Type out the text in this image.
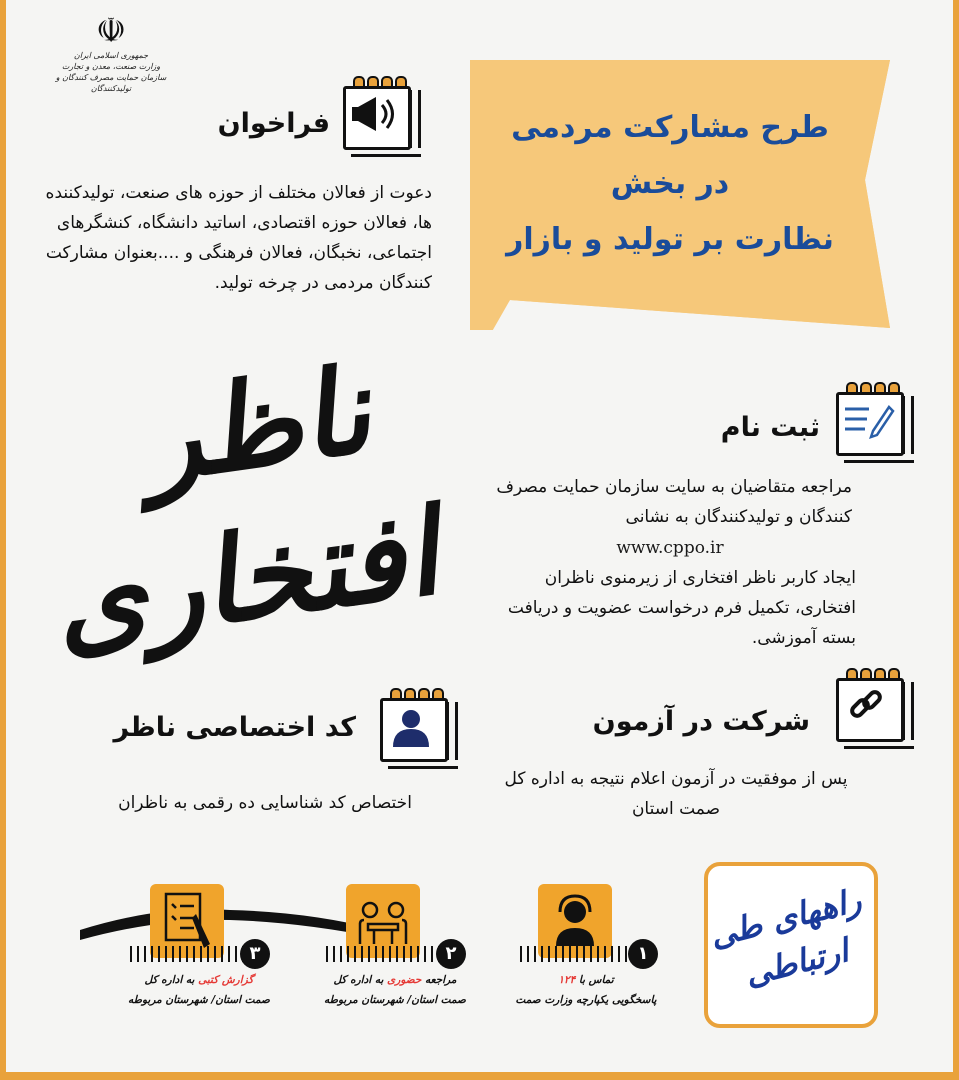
☫
جمهوری اسلامی ایران
وزارت صنعت، معدن و تجارت
سازمان حمایت مصرف کنندگان و تولیدکنندگان
طرح مشارکت مردمی
در بخش
نظارت بر تولید و بازار
فراخوان
دعوت از فعالان مختلف از حوزه های صنعت، تولیدکننده ها، فعالان حوزه اقتصادی، اساتید دانشگاه، کنشگرهای اجتماعی، نخبگان، فعالان فرهنگی و ....بعنوان مشارکت کنندگان مردمی در چرخه تولید.
ناظر افتخاری
ثبت نام
مراجعه متقاضیان به سایت سازمان حمایت مصرف کنندگان و تولیدکنندگان به نشانی
www.cppo.ir
ایجاد کاربر ناظر افتخاری از زیرمنوی ناظران افتخاری، تکمیل فرم درخواست عضویت و دریافت بسته آموزشی.
شرکت در آزمون
پس از موفقیت در آزمون اعلام نتیجه به اداره کل صمت استان
کد اختصاصی ناظر
اختصاص کد شناسایی ده رقمی به ناظران
راههای طی
ارتباطی
۱
تماس با ۱۲۴
پاسخگویی یکپارچه وزارت صمت
۲
مراجعه حضوری به اداره کل
صمت استان/ شهرستان مربوطه
۳
گزارش کتبی به اداره کل
صمت استان/ شهرستان مربوطه
